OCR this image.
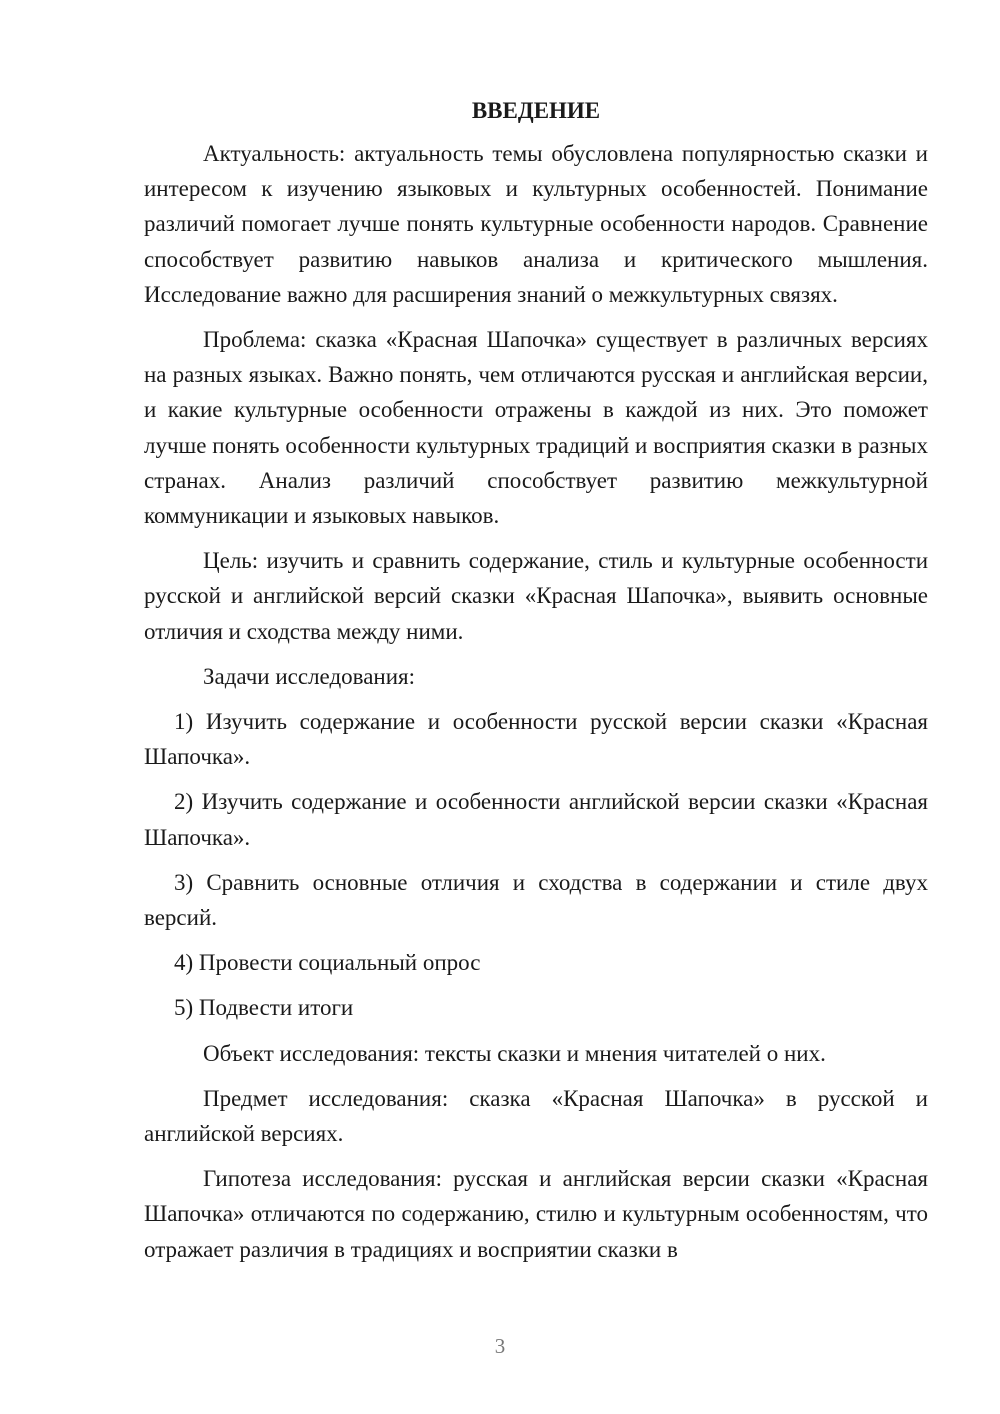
ВВЕДЕНИЕ

Актуальность: актуальность темы обусловлена популярностью сказки и интересом к изучению языковых и культурных особенностей. Понимание различий помогает лучше понять культурные особенности народов. Сравнение способствует развитию навыков анализа и критического мышления. Исследование важно для расширения знаний о межкультурных связях.

Проблема: сказка «Красная Шапочка» существует в различных версиях на разных языках. Важно понять, чем отличаются русская и английская версии, и какие культурные особенности отражены в каждой из них. Это поможет лучше понять особенности культурных традиций и восприятия сказки в разных странах. Анализ различий способствует развитию межкультурной коммуникации и языковых навыков.

Цель: изучить и сравнить содержание, стиль и культурные особенности русской и английской версий сказки «Красная Шапочка», выявить основные отличия и сходства между ними.

Задачи исследования:

1) Изучить содержание и особенности русской версии сказки «Красная Шапочка».

2) Изучить содержание и особенности английской версии сказки «Красная Шапочка».

3) Сравнить основные отличия и сходства в содержании и стиле двух версий.

4) Провести социальный опрос

5) Подвести итоги

Объект исследования: тексты сказки и мнения читателей о них.

Предмет исследования: сказка «Красная Шапочка» в русской и английской версиях.

Гипотеза исследования: русская и английская версии сказки «Красная Шапочка» отличаются по содержанию, стилю и культурным особенностям, что отражает различия в традициях и восприятии сказки в

3
